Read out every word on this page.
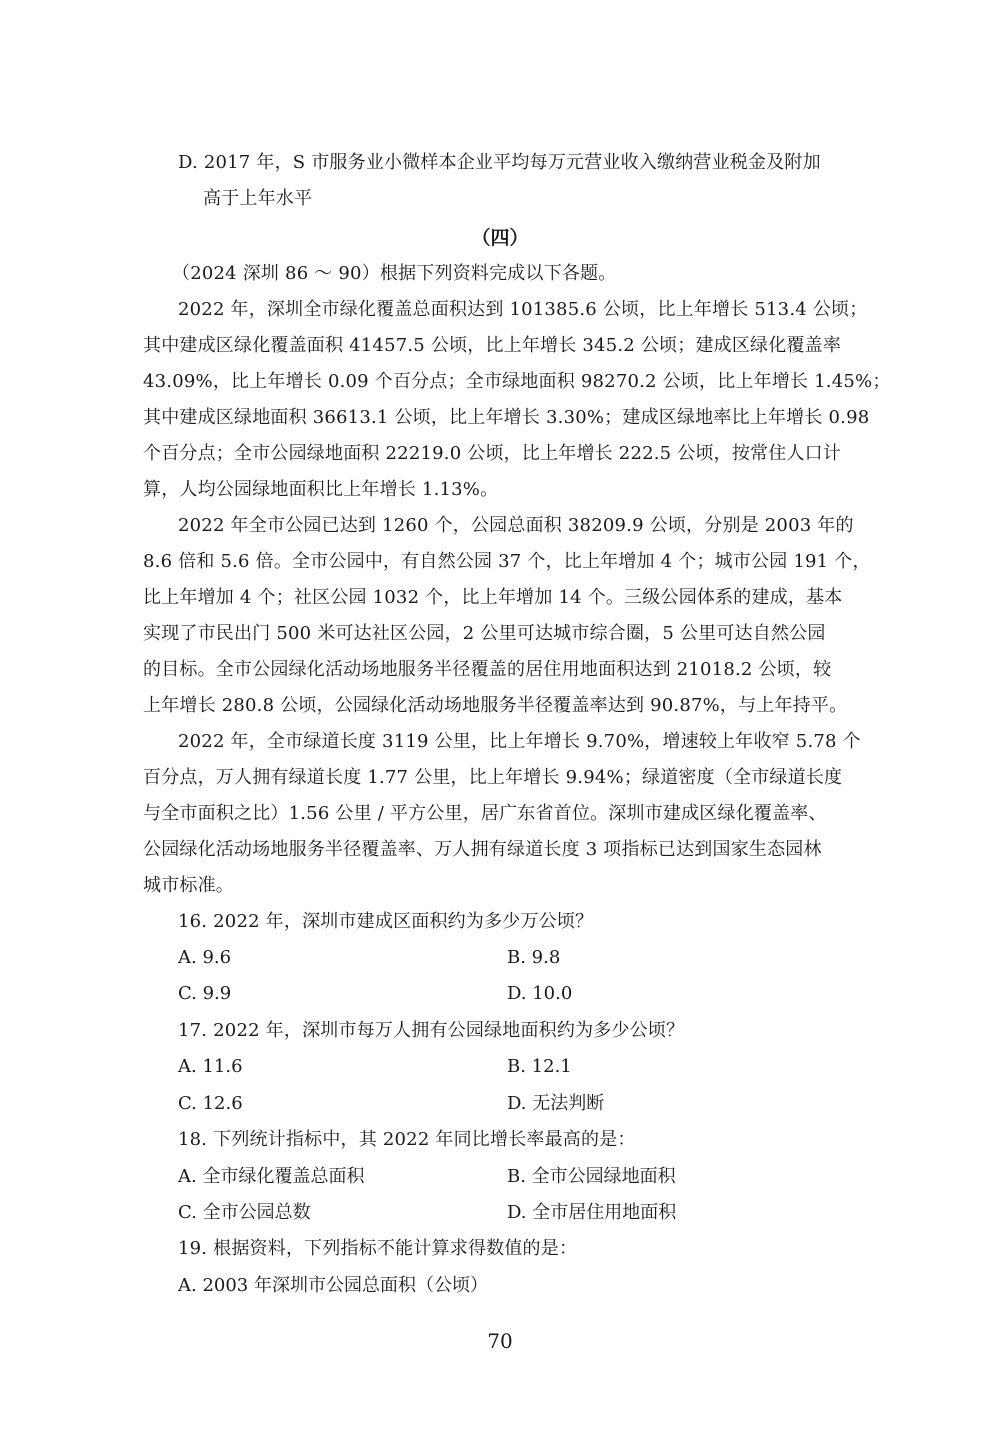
D. 2017 年，S 市服务业小微样本企业平均每万元营业收入缴纳营业税金及附加
高于上年水平
（四）
（2024 深圳 86 ～ 90）根据下列资料完成以下各题。
2022 年，深圳全市绿化覆盖总面积达到 101385.6 公顷，比上年增长 513.4 公顷；
其中建成区绿化覆盖面积 41457.5 公顷，比上年增长 345.2 公顷；建成区绿化覆盖率
43.09%，比上年增长 0.09 个百分点；全市绿地面积 98270.2 公顷，比上年增长 1.45%；
其中建成区绿地面积 36613.1 公顷，比上年增长 3.30%；建成区绿地率比上年增长 0.98
个百分点；全市公园绿地面积 22219.0 公顷，比上年增长 222.5 公顷，按常住人口计
算，人均公园绿地面积比上年增长 1.13%。
2022 年全市公园已达到 1260 个，公园总面积 38209.9 公顷，分别是 2003 年的
8.6 倍和 5.6 倍。全市公园中，有自然公园 37 个，比上年增加 4 个；城市公园 191 个，
比上年增加 4 个；社区公园 1032 个，比上年增加 14 个。三级公园体系的建成，基本
实现了市民出门 500 米可达社区公园，2 公里可达城市综合圈，5 公里可达自然公园
的目标。全市公园绿化活动场地服务半径覆盖的居住用地面积达到 21018.2 公顷，较
上年增长 280.8 公顷，公园绿化活动场地服务半径覆盖率达到 90.87%，与上年持平。
2022 年，全市绿道长度 3119 公里，比上年增长 9.70%，增速较上年收窄 5.78 个
百分点，万人拥有绿道长度 1.77 公里，比上年增长 9.94%；绿道密度（全市绿道长度
与全市面积之比）1.56 公里 / 平方公里，居广东省首位。深圳市建成区绿化覆盖率、
公园绿化活动场地服务半径覆盖率、万人拥有绿道长度 3 项指标已达到国家生态园林
城市标准。
16. 2022 年，深圳市建成区面积约为多少万公顷？
A. 9.6	B. 9.8
C. 9.9	D. 10.0
17. 2022 年，深圳市每万人拥有公园绿地面积约为多少公顷？
A. 11.6	B. 12.1
C. 12.6	D. 无法判断
18. 下列统计指标中，其 2022 年同比增长率最高的是：
A. 全市绿化覆盖总面积	B. 全市公园绿地面积
C. 全市公园总数	D. 全市居住用地面积
19. 根据资料，下列指标不能计算求得数值的是：
A. 2003 年深圳市公园总面积（公顷）
70
